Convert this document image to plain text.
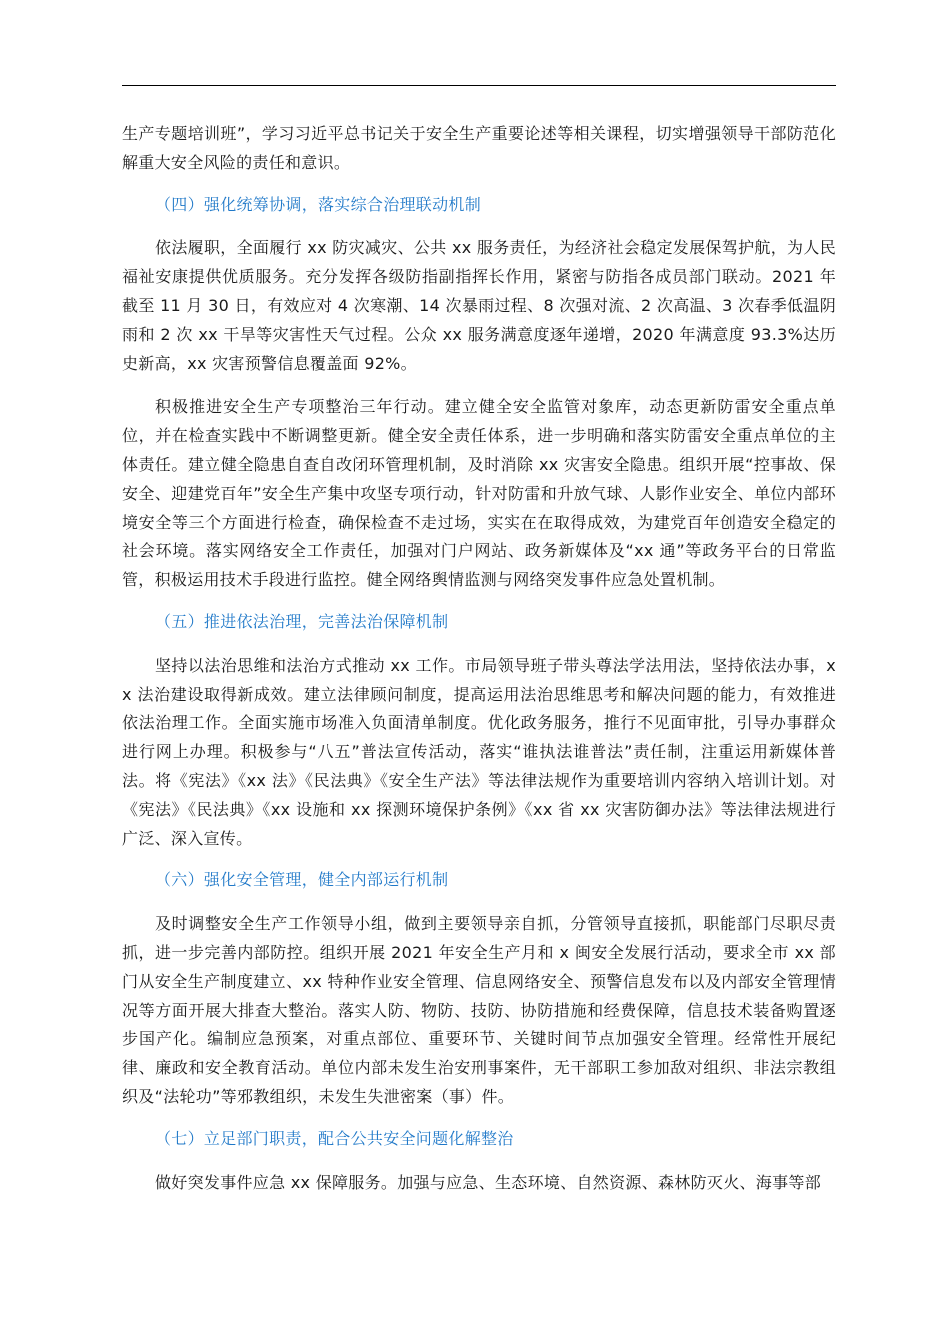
生产专题培训班”，学习习近平总书记关于安全生产重要论述等相关课程，切实增强领导干部防范化解重大安全风险的责任和意识。

（四）强化统筹协调，落实综合治理联动机制

依法履职，全面履行 xx 防灾减灾、公共 xx 服务责任，为经济社会稳定发展保驾护航，为人民福祉安康提供优质服务。充分发挥各级防指副指挥长作用，紧密与防指各成员部门联动。2021 年截至 11 月 30 日，有效应对 4 次寒潮、14 次暴雨过程、8 次强对流、2 次高温、3 次春季低温阴雨和 2 次 xx 干旱等灾害性天气过程。公众 xx 服务满意度逐年递增，2020 年满意度 93.3%达历史新高，xx 灾害预警信息覆盖面 92%。

积极推进安全生产专项整治三年行动。建立健全安全监管对象库，动态更新防雷安全重点单位，并在检查实践中不断调整更新。健全安全责任体系，进一步明确和落实防雷安全重点单位的主体责任。建立健全隐患自查自改闭环管理机制，及时消除 xx 灾害安全隐患。组织开展“控事故、保安全、迎建党百年”安全生产集中攻坚专项行动，针对防雷和升放气球、人影作业安全、单位内部环境安全等三个方面进行检查，确保检查不走过场，实实在在取得成效，为建党百年创造安全稳定的社会环境。落实网络安全工作责任，加强对门户网站、政务新媒体及“xx 通”等政务平台的日常监管，积极运用技术手段进行监控。健全网络舆情监测与网络突发事件应急处置机制。

（五）推进依法治理，完善法治保障机制

坚持以法治思维和法治方式推动 xx 工作。市局领导班子带头尊法学法用法，坚持依法办事，xx 法治建设取得新成效。建立法律顾问制度，提高运用法治思维思考和解决问题的能力，有效推进依法治理工作。全面实施市场准入负面清单制度。优化政务服务，推行不见面审批，引导办事群众进行网上办理。积极参与“八五”普法宣传活动，落实“谁执法谁普法”责任制，注重运用新媒体普法。将《宪法》《xx 法》《民法典》《安全生产法》等法律法规作为重要培训内容纳入培训计划。对《宪法》《民法典》《xx 设施和 xx 探测环境保护条例》《xx 省 xx 灾害防御办法》等法律法规进行广泛、深入宣传。

（六）强化安全管理，健全内部运行机制

及时调整安全生产工作领导小组，做到主要领导亲自抓，分管领导直接抓，职能部门尽职尽责抓，进一步完善内部防控。组织开展 2021 年安全生产月和 x 闽安全发展行活动，要求全市 xx 部门从安全生产制度建立、xx 特种作业安全管理、信息网络安全、预警信息发布以及内部安全管理情况等方面开展大排查大整治。落实人防、物防、技防、协防措施和经费保障，信息技术装备购置逐步国产化。编制应急预案，对重点部位、重要环节、关键时间节点加强安全管理。经常性开展纪律、廉政和安全教育活动。单位内部未发生治安刑事案件，无干部职工参加敌对组织、非法宗教组织及“法轮功”等邪教组织，未发生失泄密案（事）件。

（七）立足部门职责，配合公共安全问题化解整治

做好突发事件应急 xx 保障服务。加强与应急、生态环境、自然资源、森林防灭火、海事等部
